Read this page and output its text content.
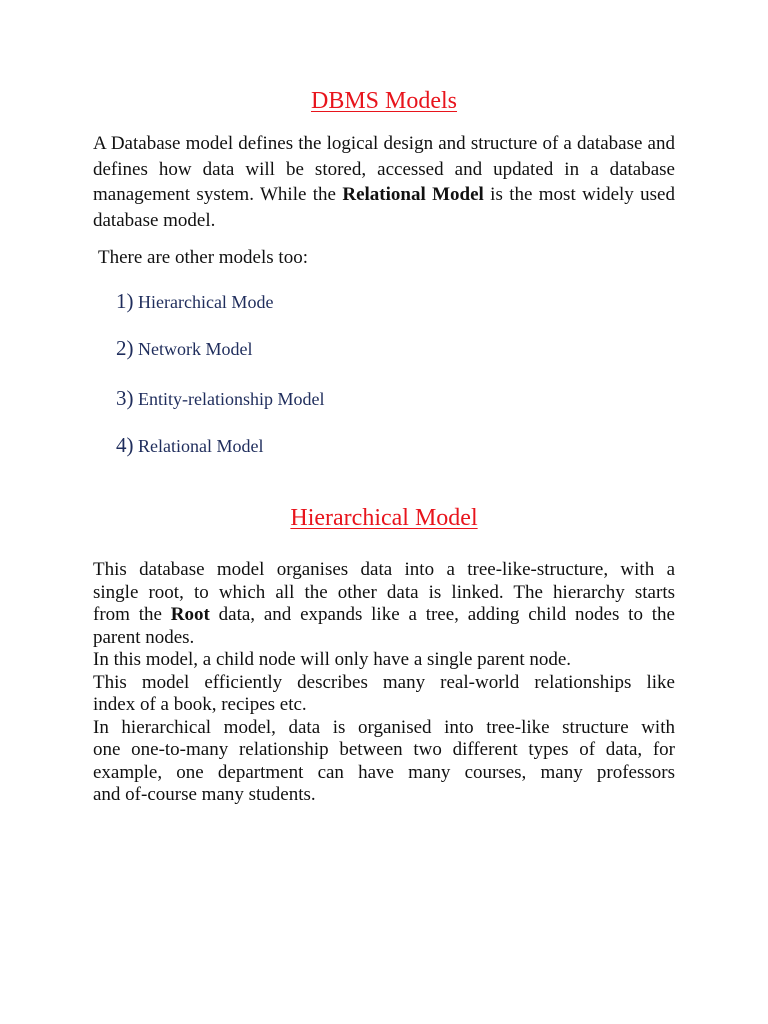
DBMS Models

A Database model defines the logical design and structure of a database and defines how data will be stored, accessed and updated in a database management system. While the Relational Model is the most widely used database model.

There are other models too:

1) Hierarchical Mode
2) Network Model
3) Entity-relationship Model
4) Relational Model
Hierarchical Model
This database model organises data into a tree-like-structure, with a
single root, to which all the other data is linked. The hierarchy starts
from the Root data, and expands like a tree, adding child nodes to the
parent nodes.
In this model, a child node will only have a single parent node.
This model efficiently describes many real-world relationships like
index of a book, recipes etc.
In hierarchical model, data is organised into tree-like structure with
one one-to-many relationship between two different types of data, for
example, one department can have many courses, many professors
and of-course many students.
